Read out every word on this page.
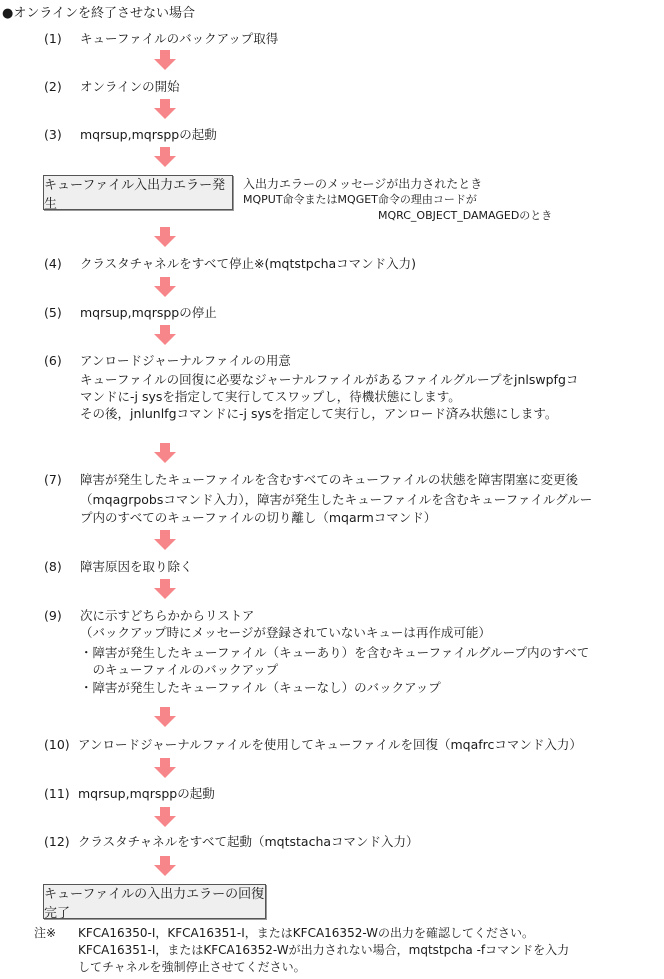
●オンラインを終了させない場合
(1)	キューファイルのバックアップ取得
(2)	オンラインの開始
(3)	mqrsup,mqrsppの起動
キューファイル入出力エラー発生
入出力エラーのメッセージが出力されたとき
MQPUT命令またはMQGET命令の理由コードが
MQRC_OBJECT_DAMAGEDのとき
(4)	クラスタチャネルをすべて停止※(mqtstpchaコマンド入力)
(5)	mqrsup,mqrsppの停止
(6)	アンロードジャーナルファイルの用意
キューファイルの回復に必要なジャーナルファイルがあるファイルグループをjnlswpfgコ
マンドに-j sysを指定して実行してスワップし，待機状態にします。
その後，jnlunlfgコマンドに-j sysを指定して実行し，アンロード済み状態にします。
(7)	障害が発生したキューファイルを含むすべてのキューファイルの状態を障害閉塞に変更後
（mqagrpobsコマンド入力），障害が発生したキューファイルを含むキューファイルグルー
プ内のすべてのキューファイルの切り離し（mqarmコマンド）
(8)	障害原因を取り除く
(9)	次に示すどちらかからリストア
（バックアップ時にメッセージが登録されていないキューは再作成可能）
・障害が発生したキューファイル（キューあり）を含むキューファイルグループ内のすべて
　のキューファイルのバックアップ
・障害が発生したキューファイル（キューなし）のバックアップ
(10) アンロードジャーナルファイルを使用してキューファイルを回復（mqafrcコマンド入力）
(11) mqrsup,mqrsppの起動
(12) クラスタチャネルをすべて起動（mqtstachaコマンド入力）
キューファイルの入出力エラーの回復完了
注※ KFCA16350-I，KFCA16351-I，またはKFCA16352-Wの出力を確認してください。
KFCA16351-I，またはKFCA16352-Wが出力されない場合，mqtstpcha -fコマンドを入力
してチャネルを強制停止させてください。
